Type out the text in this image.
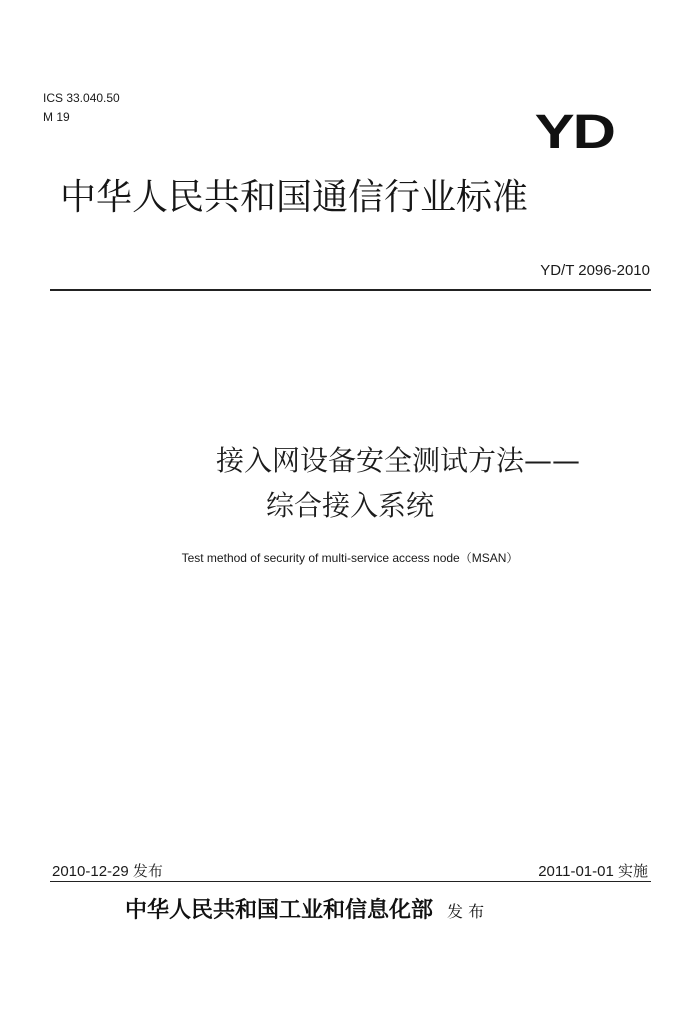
ICS 33.040.50
M 19	YD
中华人民共和国通信行业标准
YD/T 2096-2010
接入网设备安全测试方法——
综合接入系统
Test method of security of multi-service access node（MSAN）
2010-12-29 发布	2011-01-01 实施
中华人民共和国工业和信息化部 发 布
